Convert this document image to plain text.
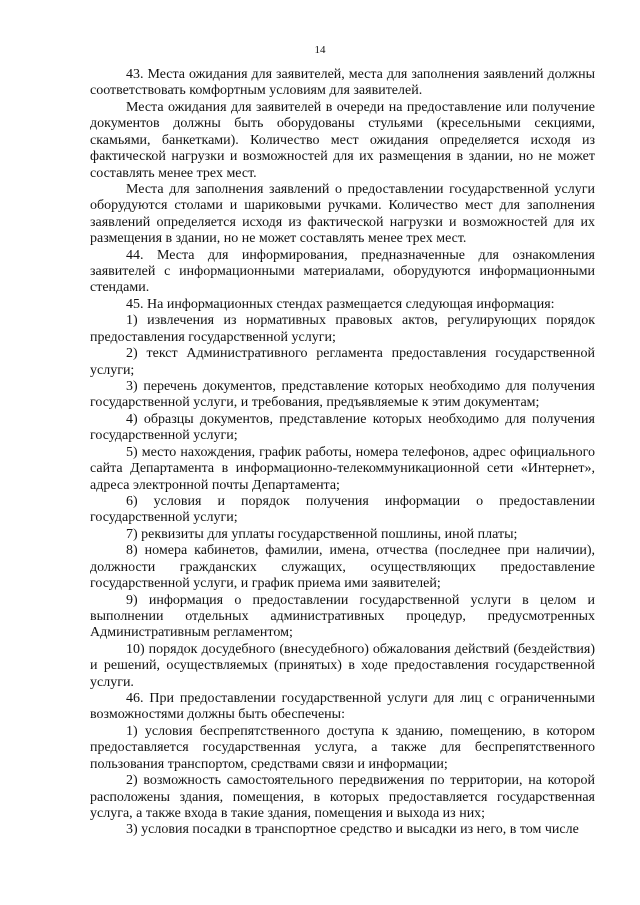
14

43. Места ожидания для заявителей, места для заполнения заявлений должны соответствовать комфортным условиям для заявителей.

Места ожидания для заявителей в очереди на предоставление или получение документов должны быть оборудованы стульями (кресельными секциями, скамьями, банкетками). Количество мест ожидания определяется исходя из фактической нагрузки и возможностей для их размещения в здании, но не может составлять менее трех мест.

Места для заполнения заявлений о предоставлении государственной услуги оборудуются столами и шариковыми ручками. Количество мест для заполнения заявлений определяется исходя из фактической нагрузки и возможностей для их размещения в здании, но не может составлять менее трех мест.

44. Места для информирования, предназначенные для ознакомления заявителей с информационными материалами, оборудуются информационными стендами.

45. На информационных стендах размещается следующая информация:

1) извлечения из нормативных правовых актов, регулирующих порядок предоставления государственной услуги;

2) текст Административного регламента предоставления государственной услуги;

3) перечень документов, представление которых необходимо для получения государственной услуги, и требования, предъявляемые к этим документам;

4) образцы документов, представление которых необходимо для получения государственной услуги;

5) место нахождения, график работы, номера телефонов, адрес официального сайта Департамента в информационно-телекоммуникационной сети «Интернет», адреса электронной почты Департамента;

6) условия и порядок получения информации о предоставлении государственной услуги;

7) реквизиты для уплаты государственной пошлины, иной платы;

8) номера кабинетов, фамилии, имена, отчества (последнее при наличии), должности гражданских служащих, осуществляющих предоставление государственной услуги, и график приема ими заявителей;

9) информация о предоставлении государственной услуги в целом и выполнении отдельных административных процедур, предусмотренных Административным регламентом;

10) порядок досудебного (внесудебного) обжалования действий (бездействия) и решений, осуществляемых (принятых) в ходе предоставления государственной услуги.

46. При предоставлении государственной услуги для лиц с ограниченными возможностями должны быть обеспечены:

1) условия беспрепятственного доступа к зданию, помещению, в котором предоставляется государственная услуга, а также для беспрепятственного пользования транспортом, средствами связи и информации;

2) возможность самостоятельного передвижения по территории, на которой расположены здания, помещения, в которых предоставляется государственная услуга, а также входа в такие здания, помещения и выхода из них;

3) условия посадки в транспортное средство и высадки из него, в том числе
